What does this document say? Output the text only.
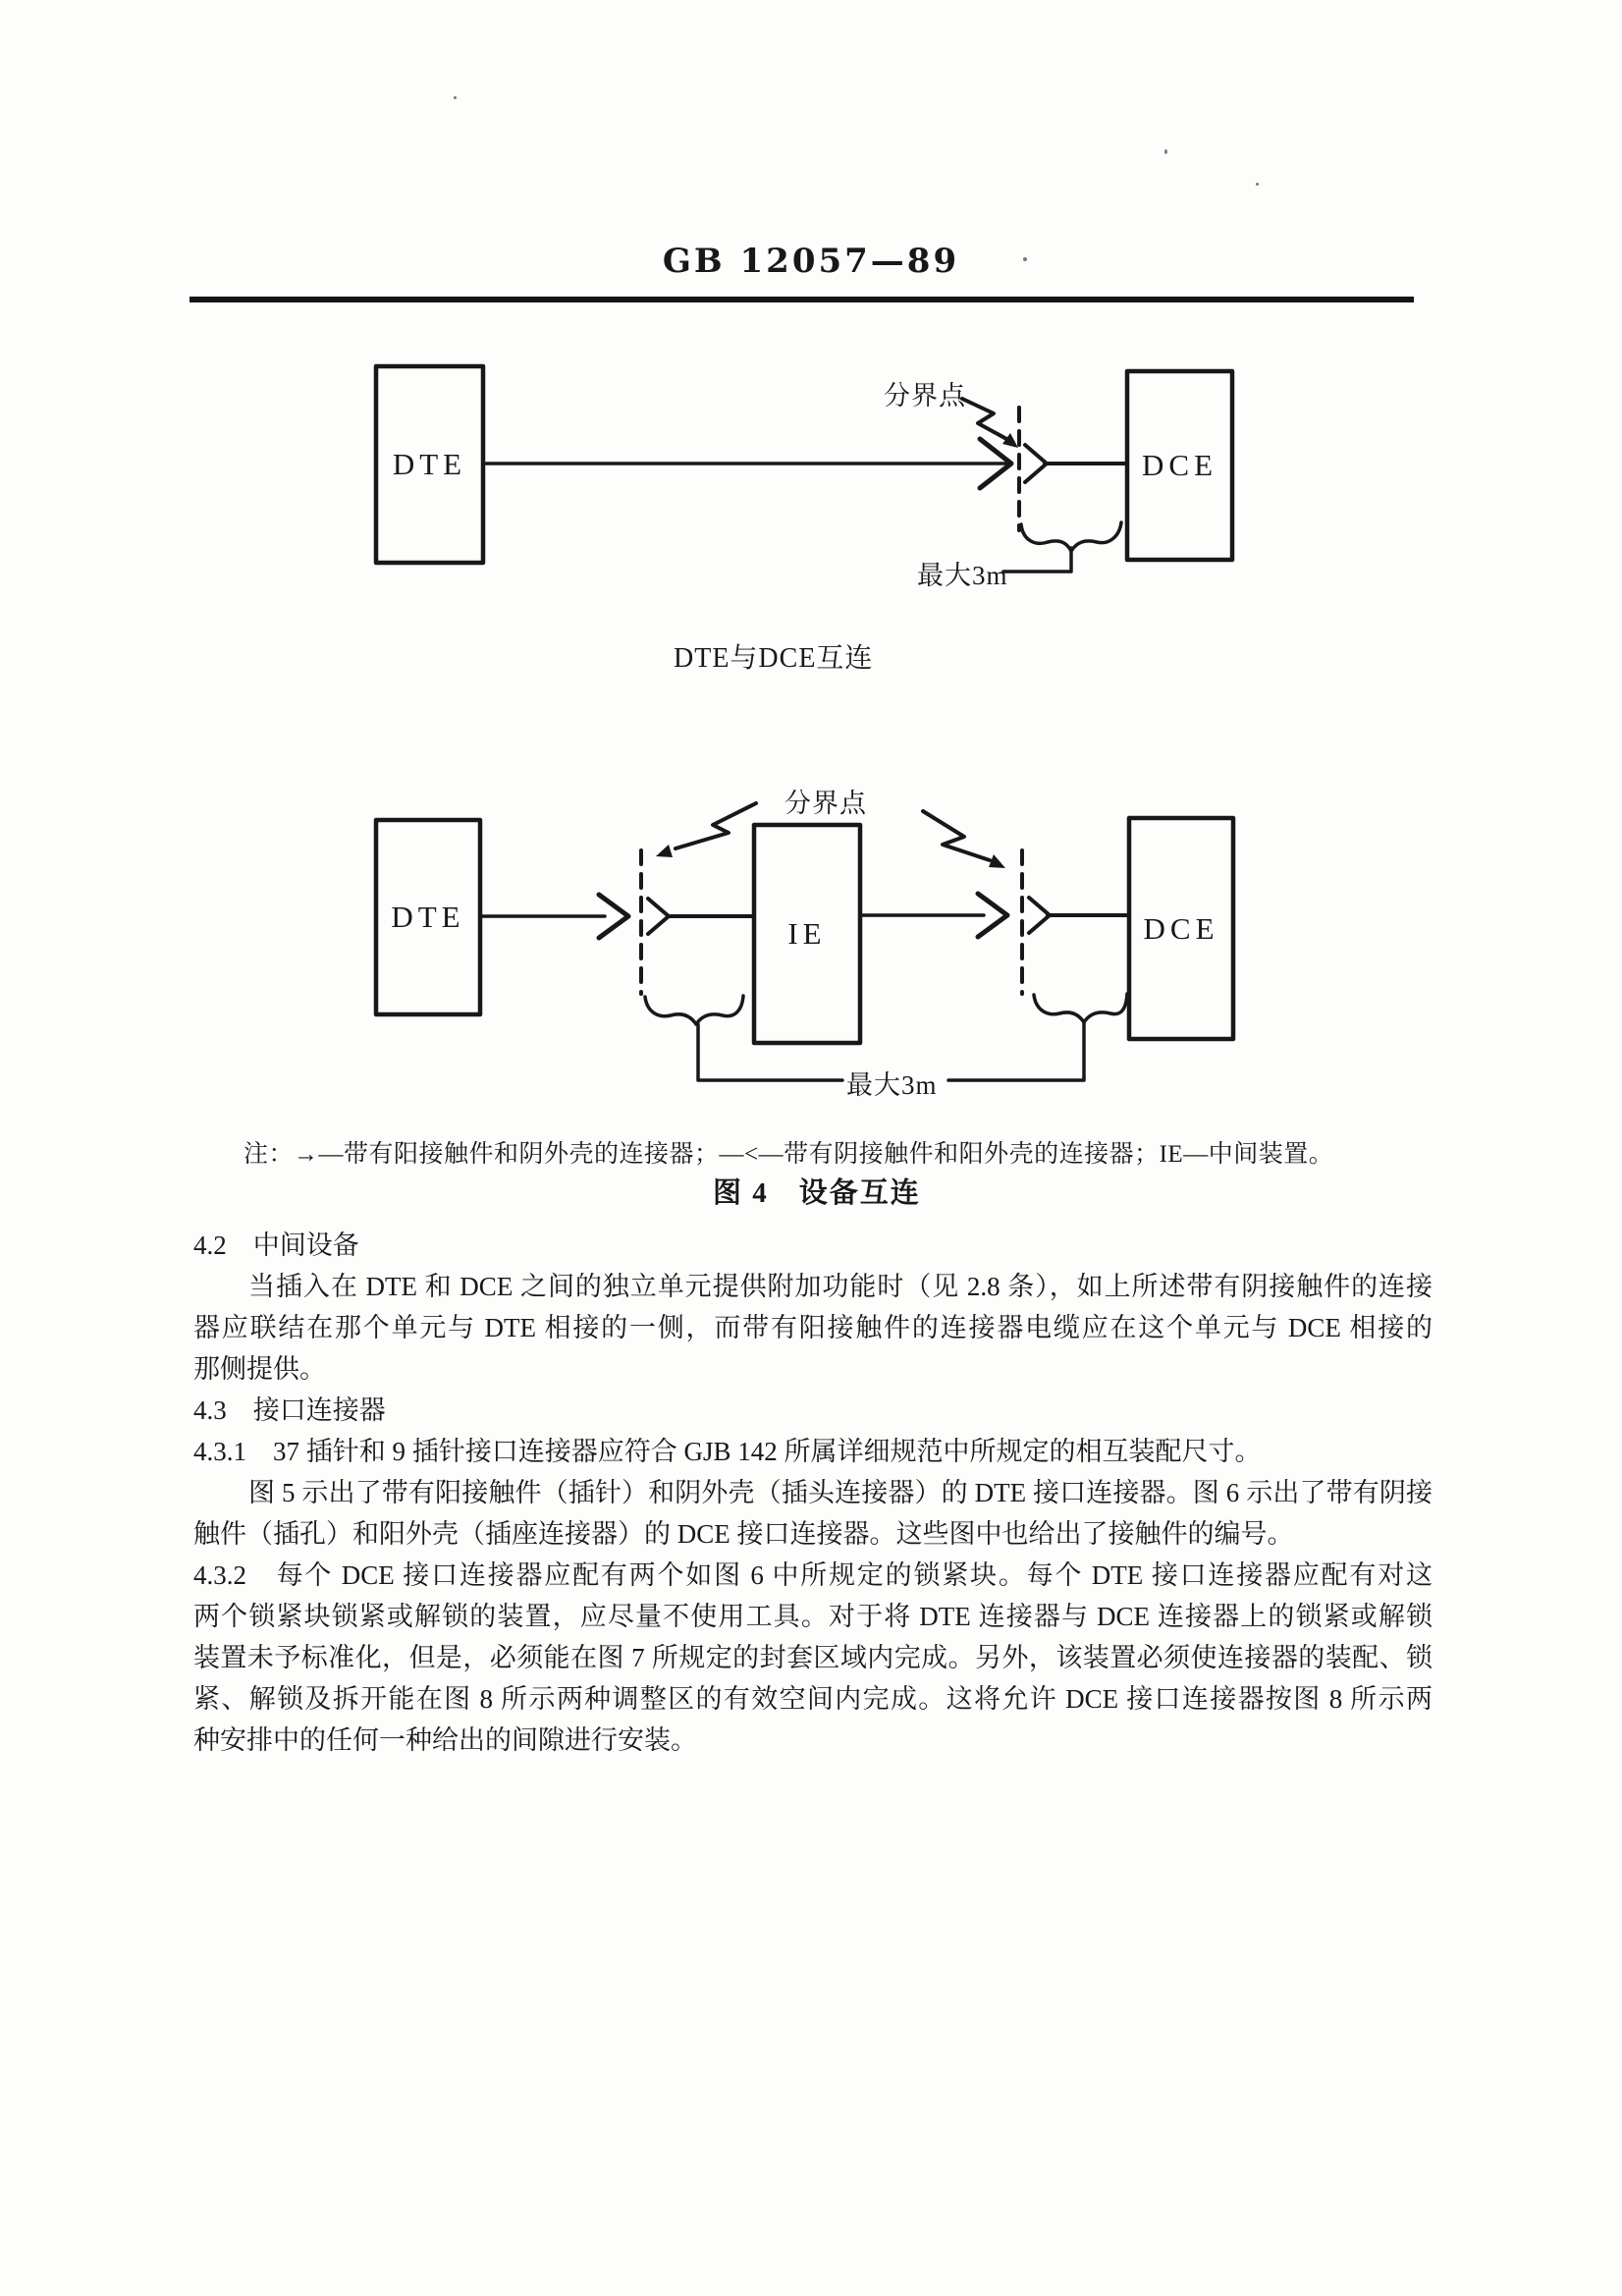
GB 12057—89
DTE	DCE
分界点
最大3m
DTE与DCE互连
分界点
DTE	IE	DCE
最大3m
注：→—带有阳接触件和阴外壳的连接器；—<—带有阴接触件和阳外壳的连接器；IE—中间装置。
图 4　设备互连
4.2　中间设备
当插入在 DTE 和 DCE 之间的独立单元提供附加功能时（见 2.8 条），如上所述带有阴接触件的连接
器应联结在那个单元与 DTE 相接的一侧，而带有阳接触件的连接器电缆应在这个单元与 DCE 相接的
那侧提供。
4.3　接口连接器
4.3.1　37 插针和 9 插针接口连接器应符合 GJB 142 所属详细规范中所规定的相互装配尺寸。
图 5 示出了带有阳接触件（插针）和阴外壳（插头连接器）的 DTE 接口连接器。图 6 示出了带有阴接
触件（插孔）和阳外壳（插座连接器）的 DCE 接口连接器。这些图中也给出了接触件的编号。
4.3.2　每个 DCE 接口连接器应配有两个如图 6 中所规定的锁紧块。每个 DTE 接口连接器应配有对这
两个锁紧块锁紧或解锁的装置，应尽量不使用工具。对于将 DTE 连接器与 DCE 连接器上的锁紧或解锁
装置未予标准化，但是，必须能在图 7 所规定的封套区域内完成。另外，该装置必须使连接器的装配、锁
紧、解锁及拆开能在图 8 所示两种调整区的有效空间内完成。这将允许 DCE 接口连接器按图 8 所示两
种安排中的任何一种给出的间隙进行安装。
